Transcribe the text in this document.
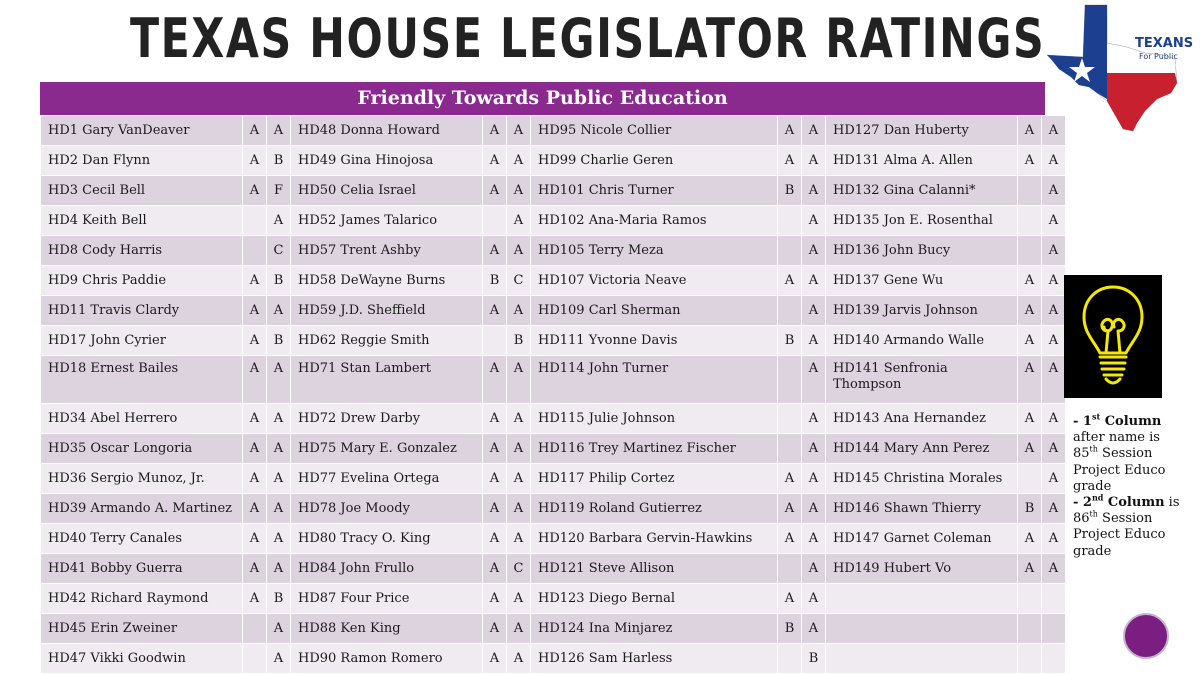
TEXAS HOUSE LEGISLATOR RATINGS	TEXANS
For Public
Education
Friendly Towards Public Education
HD1 Gary VanDeaver	A	A	HD48 Donna Howard	A	A	HD95 Nicole Collier	A	A	HD127 Dan Huberty	A	A
HD2 Dan Flynn	A	B	HD49 Gina Hinojosa	A	A	HD99 Charlie Geren	A	A	HD131 Alma A. Allen	A	A
HD3 Cecil Bell	A	F	HD50 Celia Israel	A	A	HD101 Chris Turner	B	A	HD132 Gina Calanni*		A
HD4 Keith Bell		A	HD52 James Talarico		A	HD102 Ana-Maria Ramos		A	HD135 Jon E. Rosenthal		A
HD8 Cody Harris		C	HD57 Trent Ashby	A	A	HD105 Terry Meza		A	HD136 John Bucy		A
HD9 Chris Paddie	A	B	HD58 DeWayne Burns	B	C	HD107 Victoria Neave	A	A	HD137 Gene Wu	A	A
HD11 Travis Clardy	A	A	HD59 J.D. Sheffield	A	A	HD109 Carl Sherman		A	HD139 Jarvis Johnson	A	A
HD17 John Cyrier	A	B	HD62 Reggie Smith		B	HD111 Yvonne Davis	B	A	HD140 Armando Walle	A	A
HD18 Ernest Bailes	A	A	HD71 Stan Lambert	A	A	HD114 John Turner		A	HD141 Senfronia Thompson	A	A
HD34 Abel Herrero	A	A	HD72 Drew Darby	A	A	HD115 Julie Johnson		A	HD143 Ana Hernandez	A	A
HD35 Oscar Longoria	A	A	HD75 Mary E. Gonzalez	A	A	HD116 Trey Martinez Fischer		A	HD144 Mary Ann Perez	A	A
HD36 Sergio Munoz, Jr.	A	A	HD77 Evelina Ortega	A	A	HD117 Philip Cortez	A	A	HD145 Christina Morales		A
HD39 Armando A. Martinez	A	A	HD78 Joe Moody	A	A	HD119 Roland Gutierrez	A	A	HD146 Shawn Thierry	B	A
HD40 Terry Canales	A	A	HD80 Tracy O. King	A	A	HD120 Barbara Gervin-Hawkins	A	A	HD147 Garnet Coleman	A	A
HD41 Bobby Guerra	A	A	HD84 John Frullo	A	C	HD121 Steve Allison		A	HD149 Hubert Vo	A	A
HD42 Richard Raymond	A	B	HD87 Four Price	A	A	HD123 Diego Bernal	A	A			
HD45 Erin Zweiner		A	HD88 Ken King	A	A	HD124 Ina Minjarez	B	A			
HD47 Vikki Goodwin		A	HD90 Ramon Romero	A	A	HD126 Sam Harless		B			
- 1st Column after name is 85th Session Project Educo grade
- 2nd Column is 86th Session Project Educo grade
